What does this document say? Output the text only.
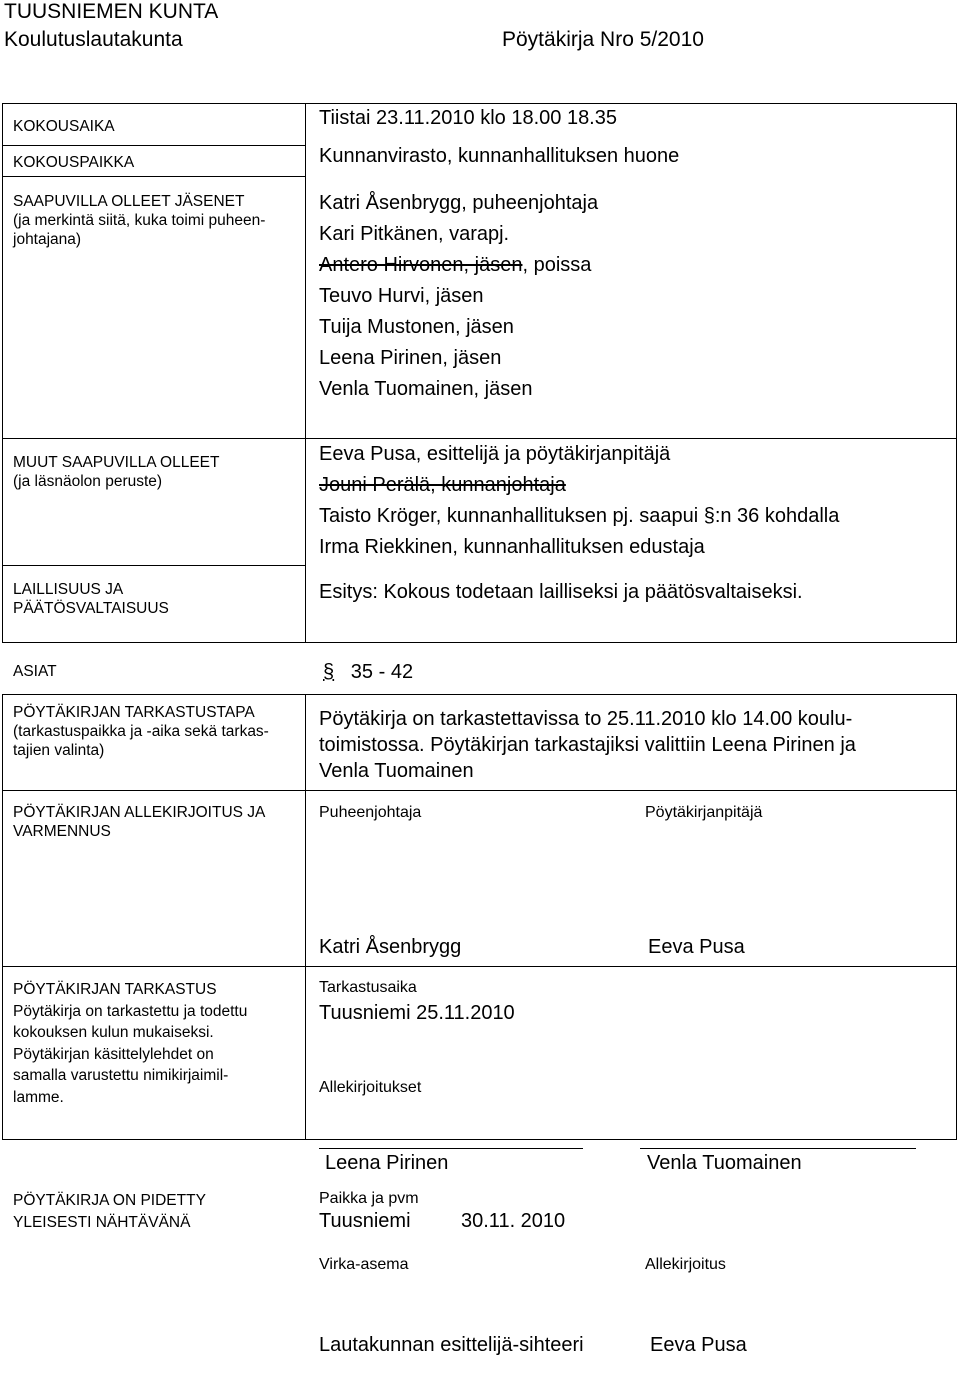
TUUSNIEMEN KUNTA
Koulutuslautakunta	Pöytäkirja Nro 5/2010
KOKOUSAIKA	Tiistai 23.11.2010 klo 18.00 18.35
KOKOUSPAIKKA	Kunnanvirasto, kunnanhallituksen huone
SAAPUVILLA OLLEET JÄSENET
(ja merkintä siitä, kuka toimi puheen-
johtajana)
Katri Åsenbrygg, puheenjohtaja
Kari Pitkänen, varapj.
Antero Hirvonen, jäsen, poissa
Teuvo Hurvi, jäsen
Tuija Mustonen, jäsen
Leena Pirinen, jäsen
Venla Tuomainen, jäsen
MUUT SAAPUVILLA OLLEET
(ja läsnäolon peruste)
Eeva Pusa, esittelijä ja pöytäkirjanpitäjä
Jouni Perälä, kunnanjohtaja
Taisto Kröger, kunnanhallituksen pj. saapui §:n 36 kohdalla
Irma Riekkinen, kunnanhallituksen edustaja
LAILLISUUS JA
PÄÄTÖSVALTAISUUS
Esitys: Kokous todetaan lailliseksi ja päätösvaltaiseksi.
ASIAT	§ 35 - 42
PÖYTÄKIRJAN TARKASTUSTAPA
(tarkastuspaikka ja -aika sekä tarkas-
tajien valinta)
Pöytäkirja on tarkastettavissa to 25.11.2010 klo 14.00 koulu-
toimistossa. Pöytäkirjan tarkastajiksi valittiin Leena Pirinen ja
Venla Tuomainen
PÖYTÄKIRJAN ALLEKIRJOITUS JA
VARMENNUS
Puheenjohtaja	Pöytäkirjanpitäjä
Katri Åsenbrygg	Eeva Pusa
PÖYTÄKIRJAN TARKASTUS
Pöytäkirja on tarkastettu ja todettu
kokouksen kulun mukaiseksi.
Pöytäkirjan käsittelylehdet on
samalla varustettu nimikirjaimil-
lamme.
Tarkastusaika
Tuusniemi 25.11.2010
Allekirjoitukset
Leena Pirinen	Venla Tuomainen
PÖYTÄKIRJA ON PIDETTY
YLEISESTI NÄHTÄVÄNÄ
Paikka ja pvm
Tuusniemi	30.11. 2010
Virka-asema	Allekirjoitus
Lautakunnan esittelijä-sihteeri	Eeva Pusa
